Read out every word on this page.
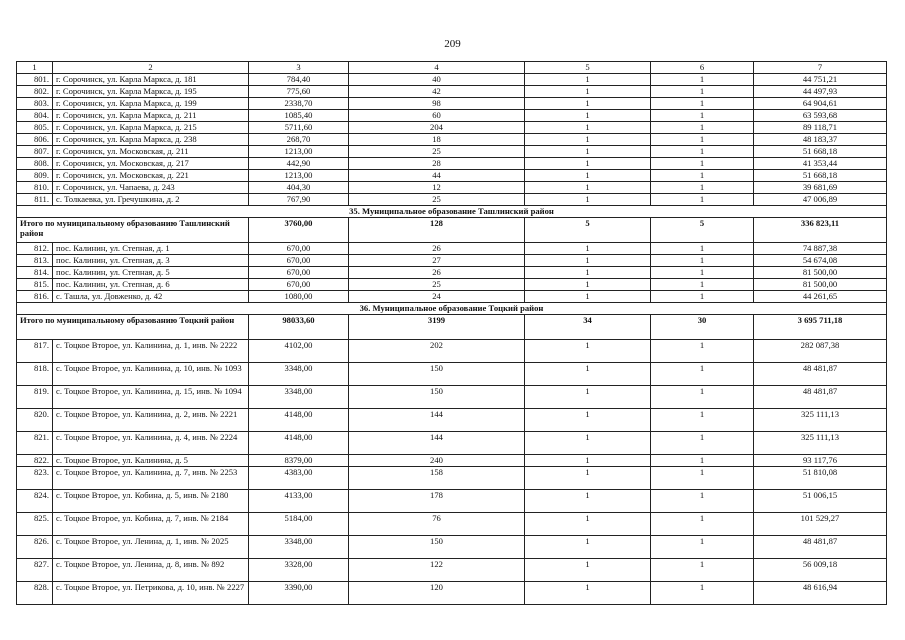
209
1	2	3	4	5	6	7
801.	г. Сорочинск, ул. Карла Маркса, д. 181	784,40	40	1	1	44 751,21
802.	г. Сорочинск, ул. Карла Маркса, д. 195	775,60	42	1	1	44 497,93
803.	г. Сорочинск, ул. Карла Маркса, д. 199	2338,70	98	1	1	64 904,61
804.	г. Сорочинск, ул. Карла Маркса, д. 211	1085,40	60	1	1	63 593,68
805.	г. Сорочинск, ул. Карла Маркса, д. 215	5711,60	204	1	1	89 118,71
806.	г. Сорочинск, ул. Карла Маркса, д. 238	268,70	18	1	1	48 183,37
807.	г. Сорочинск, ул. Московская, д. 211	1213,00	25	1	1	51 668,18
808.	г. Сорочинск, ул. Московская, д. 217	442,90	28	1	1	41 353,44
809.	г. Сорочинск, ул. Московская, д. 221	1213,00	44	1	1	51 668,18
810.	г. Сорочинск, ул. Чапаева, д. 243	404,30	12	1	1	39 681,69
811.	с. Толкаевка, ул. Гречушкина, д. 2	767,90	25	1	1	47 006,89
35. Муниципальное образование Ташлинский район						
Итого по муниципальному образованию Ташлинский район		3760,00	128	5	5	336 823,11
812.	пос. Калинин, ул. Степная, д. 1	670,00	26	1	1	74 887,38
813.	пос. Калинин, ул. Степная, д. 3	670,00	27	1	1	54 674,08
814.	пос. Калинин, ул. Степная, д. 5	670,00	26	1	1	81 500,00
815.	пос. Калинин, ул. Степная, д. 6	670,00	25	1	1	81 500,00
816.	с. Ташла, ул. Довженко, д. 42	1080,00	24	1	1	44 261,65
36. Муниципальное образование Тоцкий район						
Итого по муниципальному образованию Тоцкий район		98033,60	3199	34	30	3 695 711,18
817.	с. Тоцкое Второе, ул. Калинина, д. 1, инв. № 2222	4102,00	202	1	1	282 087,38
818.	с. Тоцкое Второе, ул. Калинина, д. 10, инв. № 1093	3348,00	150	1	1	48 481,87
819.	с. Тоцкое Второе, ул. Калинина, д. 15, инв. № 1094	3348,00	150	1	1	48 481,87
820.	с. Тоцкое Второе, ул. Калинина, д. 2, инв. № 2221	4148,00	144	1	1	325 111,13
821.	с. Тоцкое Второе, ул. Калинина, д. 4, инв. № 2224	4148,00	144	1	1	325 111,13
822.	с. Тоцкое Второе, ул. Калинина, д. 5	8379,00	240	1	1	93 117,76
823.	с. Тоцкое Второе, ул. Калинина, д. 7, инв. № 2253	4383,00	158	1	1	51 810,08
824.	с. Тоцкое Второе, ул. Кобина, д. 5, инв. № 2180	4133,00	178	1	1	51 006,15
825.	с. Тоцкое Второе, ул. Кобина, д. 7, инв. № 2184	5184,00	76	1	1	101 529,27
826.	с. Тоцкое Второе, ул. Ленина, д. 1, инв. № 2025	3348,00	150	1	1	48 481,87
827.	с. Тоцкое Второе, ул. Ленина, д. 8, инв. № 892	3328,00	122	1	1	56 009,18
828.	с. Тоцкое Второе, ул. Петрикова, д. 10, инв. № 2227	3390,00	120	1	1	48 616,94
